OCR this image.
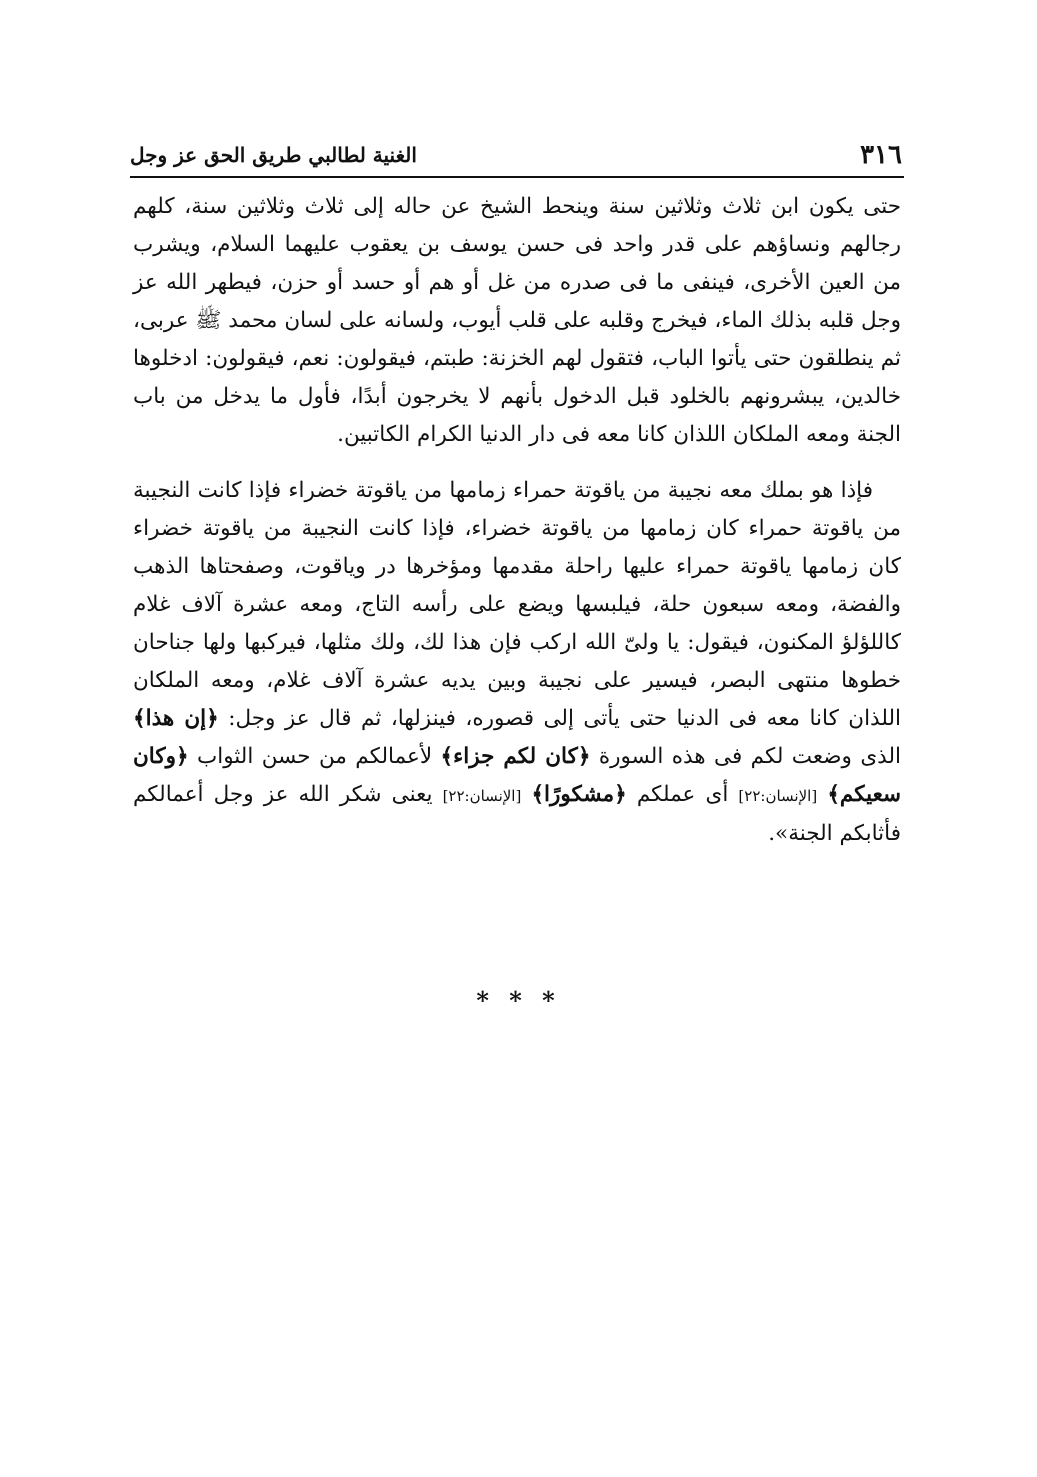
٣١٦
الغنية لطالبي طريق الحق عز وجل

حتى يكون ابن ثلاث وثلاثين سنة وينحط الشيخ عن حاله إلى ثلاث وثلاثين سنة، كلهم رجالهم ونساؤهم على قدر واحد فى حسن يوسف بن يعقوب عليهما السلام، ويشرب من العين الأخرى، فينفى ما فى صدره من غل أو هم أو حسد أو حزن، فيطهر الله عز وجل قلبه بذلك الماء، فيخرج وقلبه على قلب أيوب، ولسانه على لسان محمد ﷺ عربى، ثم ينطلقون حتى يأتوا الباب، فتقول لهم الخزنة: طبتم، فيقولون: نعم، فيقولون: ادخلوها خالدين، يبشرونهم بالخلود قبل الدخول بأنهم لا يخرجون أبدًا، فأول ما يدخل من باب الجنة ومعه الملكان اللذان كانا معه فى دار الدنيا الكرام الكاتبين.

فإذا هو بملك معه نجيبة من ياقوتة حمراء زمامها من ياقوتة خضراء فإذا كانت النجيبة من ياقوتة حمراء كان زمامها من ياقوتة خضراء، فإذا كانت النجيبة من ياقوتة خضراء كان زمامها ياقوتة حمراء عليها راحلة مقدمها ومؤخرها در وياقوت، وصفحتاها الذهب والفضة، ومعه سبعون حلة، فيلبسها ويضع على رأسه التاج، ومعه عشرة آلاف غلام كاللؤلؤ المكنون، فيقول: يا ولىّ الله اركب فإن هذا لك، ولك مثلها، فيركبها ولها جناحان خطوها منتهى البصر، فيسير على نجيبة وبين يديه عشرة آلاف غلام، ومعه الملكان اللذان كانا معه فى الدنيا حتى يأتى إلى قصوره، فينزلها، ثم قال عز وجل: ﴿إن هذا﴾ الذى وضعت لكم فى هذه السورة ﴿كان لكم جزاء﴾ لأعمالكم من حسن الثواب ﴿وكان سعيكم﴾ [الإنسان:٢٢] أى عملكم ﴿مشكورًا﴾ [الإنسان:٢٢] يعنى شكر الله عز وجل أعمالكم فأثابكم الجنة».

* * *
